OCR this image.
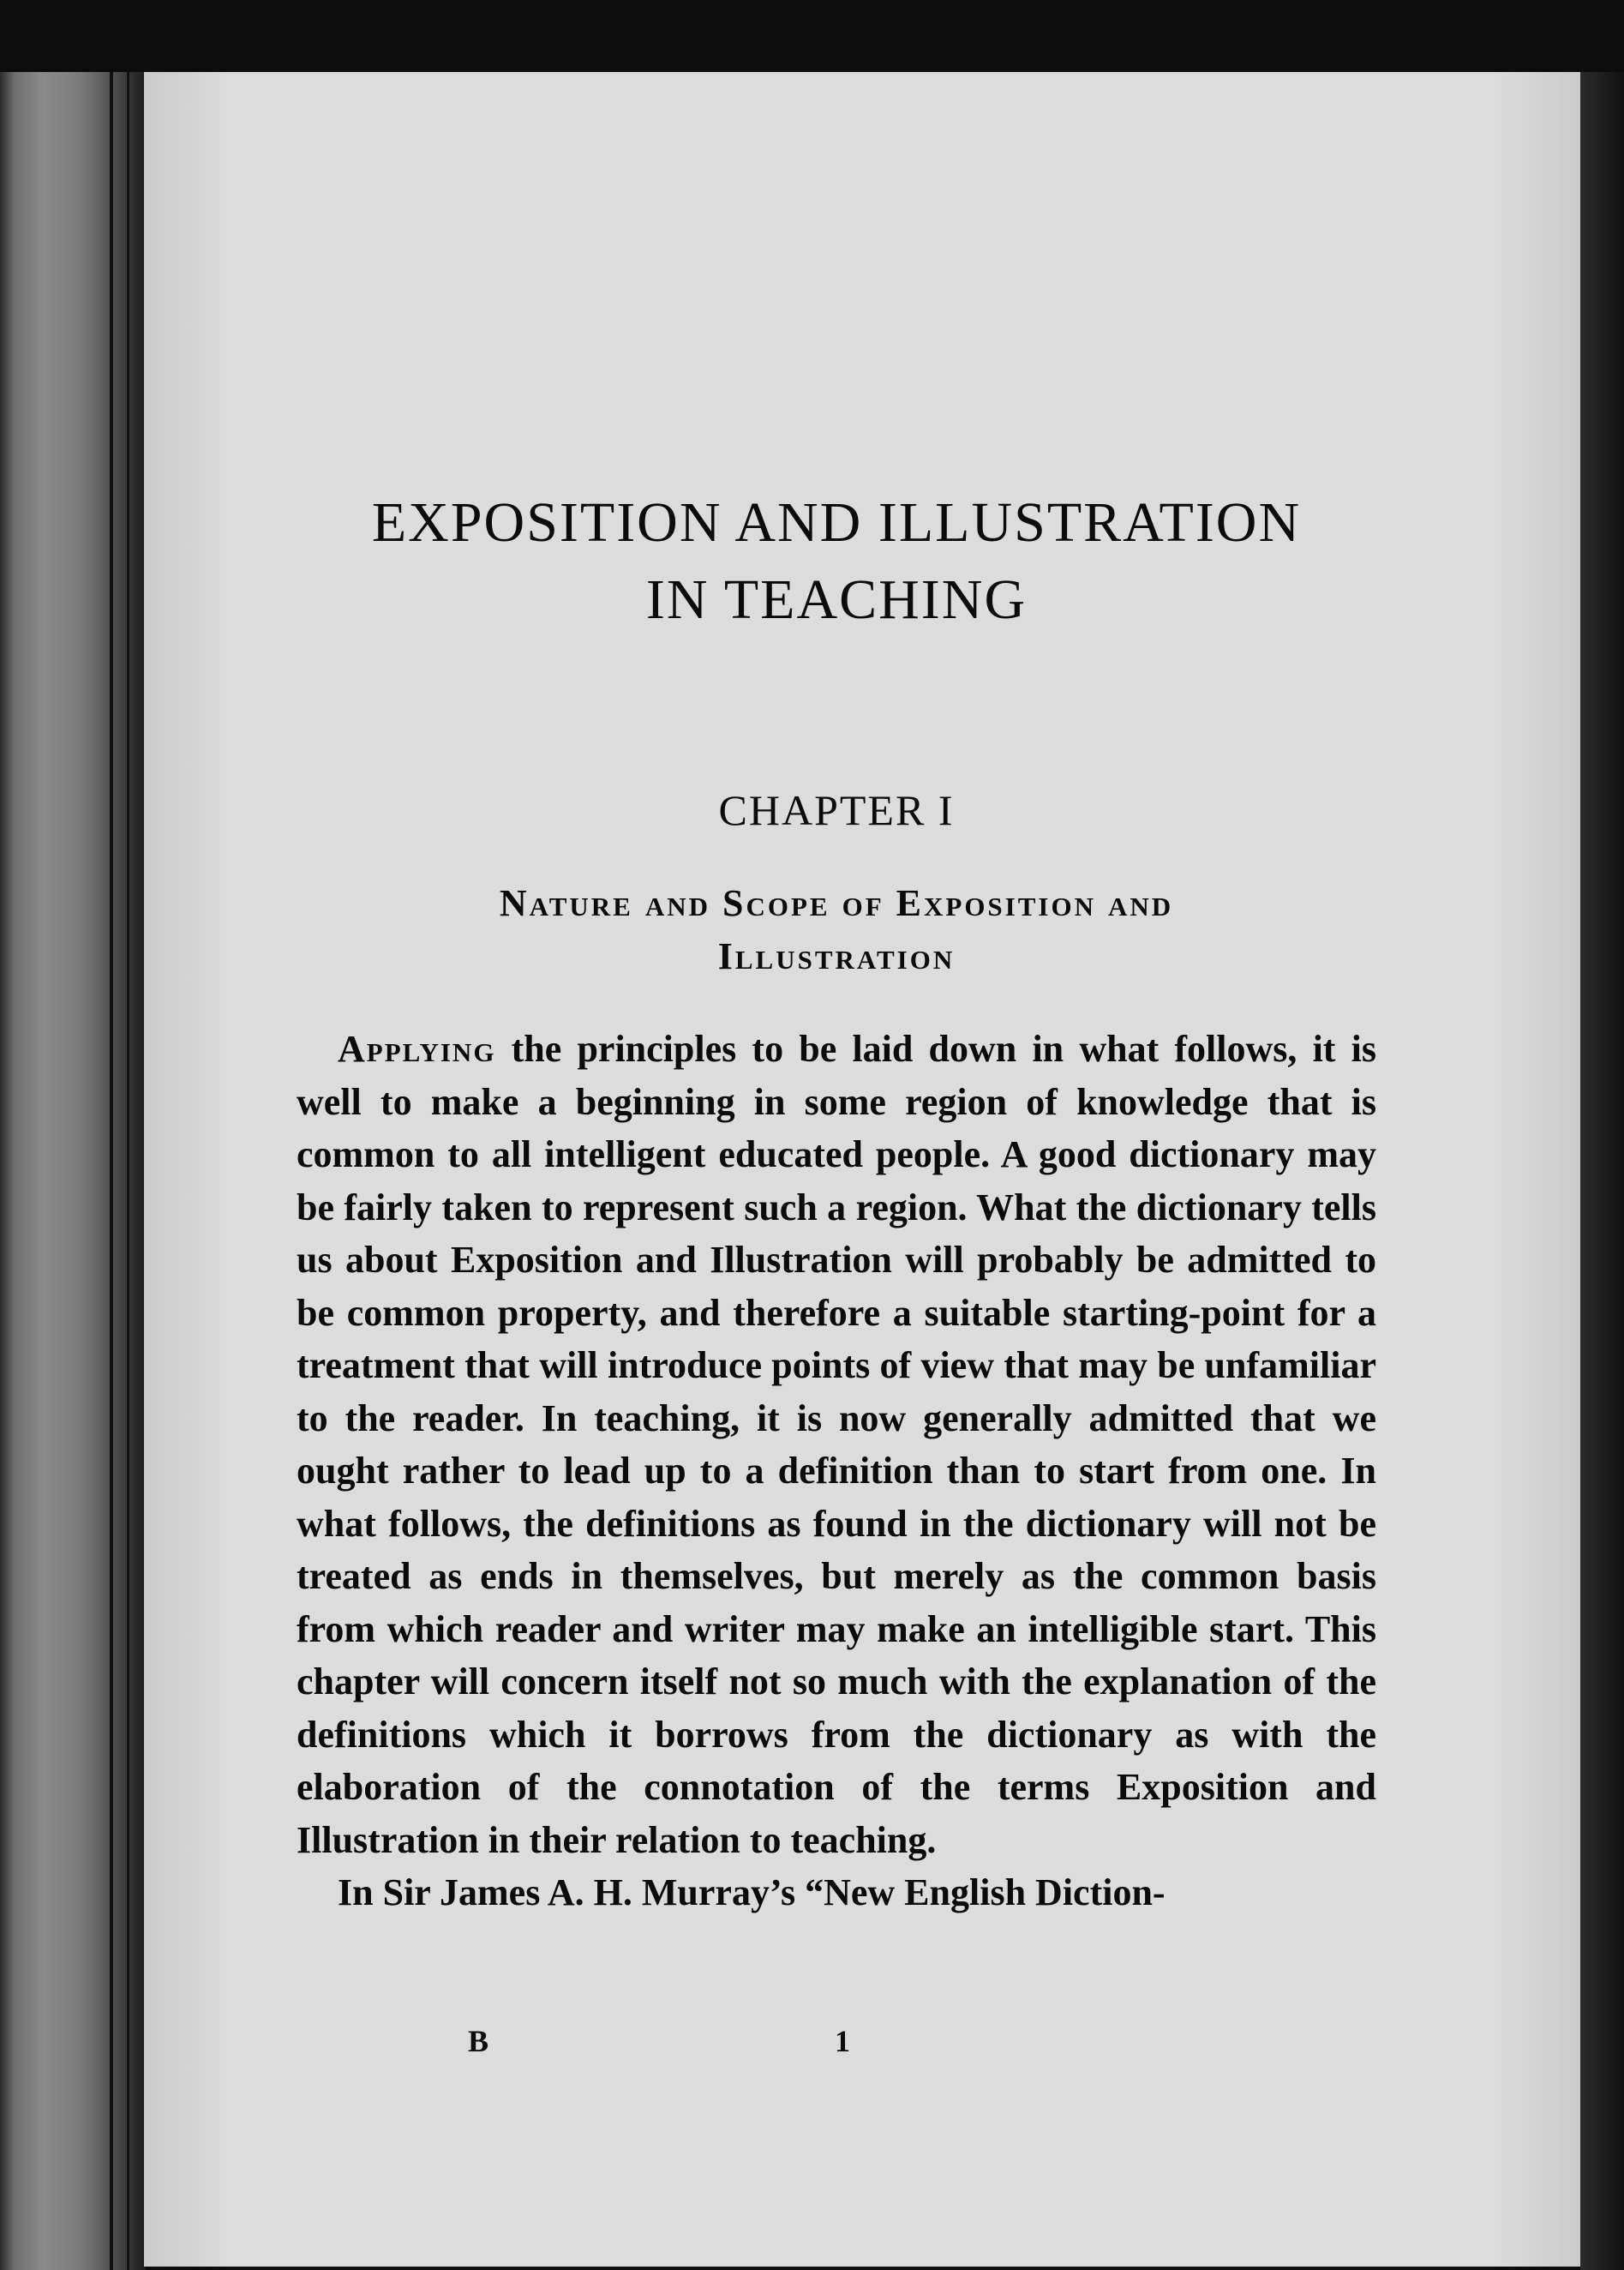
EXPOSITION AND ILLUSTRATION
IN TEACHING
CHAPTER I
Nature and Scope of Exposition and
Illustration

Applying the principles to be laid down in what follows, it is well to make a beginning in some region of knowledge that is common to all intelligent educated people. A good dictionary may be fairly taken to represent such a region. What the dictionary tells us about Exposition and Illustration will probably be admitted to be common property, and therefore a suitable starting-point for a treatment that will introduce points of view that may be unfamiliar to the reader. In teaching, it is now generally admitted that we ought rather to lead up to a definition than to start from one. In what follows, the definitions as found in the dictionary will not be treated as ends in themselves, but merely as the common basis from which reader and writer may make an intelligible start. This chapter will concern itself not so much with the explanation of the definitions which it borrows from the dictionary as with the elaboration of the connotation of the terms Exposition and Illustration in their relation to teaching.

In Sir James A. H. Murray’s “New English Diction-

B	1
